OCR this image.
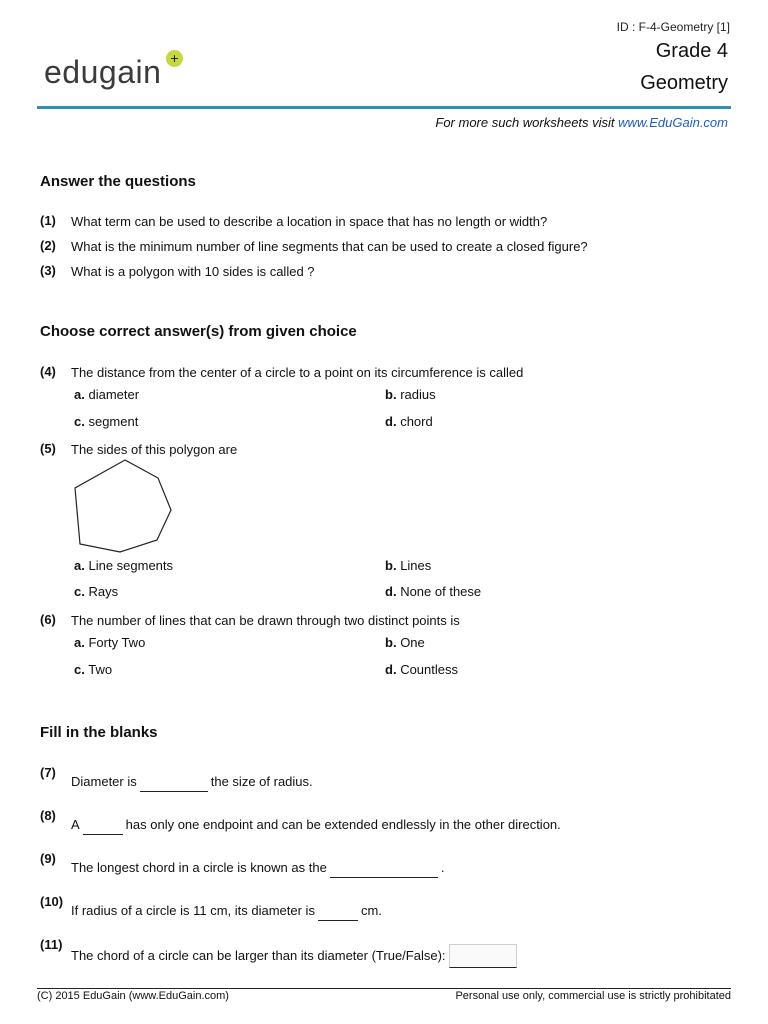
ID : F-4-Geometry [1]
Grade 4
Geometry
edugain +
For more such worksheets visit www.EduGain.com
Answer the questions
(1) What term can be used to describe a location in space that has no length or width?
(2) What is the minimum number of line segments that can be used to create a closed figure?
(3) What is a polygon with 10 sides is called ?
Choose correct answer(s) from given choice
(4) The distance from the center of a circle to a point on its circumference is called
a. diameter	b. radius
c. segment	d. chord
(5) The sides of this polygon are
a. Line segments	b. Lines
c. Rays	d. None of these
(6) The number of lines that can be drawn through two distinct points is
a. Forty Two	b. One
c. Two	d. Countless
Fill in the blanks
(7)
Diameter is	the size of radius.
(8)
A	has only one endpoint and can be extended endlessly in the other direction.
(9)
The longest chord in a circle is known as the	.
(10)
If radius of a circle is 11 cm, its diameter is	cm.
(11)
The chord of a circle can be larger than its diameter (True/False):
(C) 2015 EduGain (www.EduGain.com)	Personal use only, commercial use is strictly prohibitated
